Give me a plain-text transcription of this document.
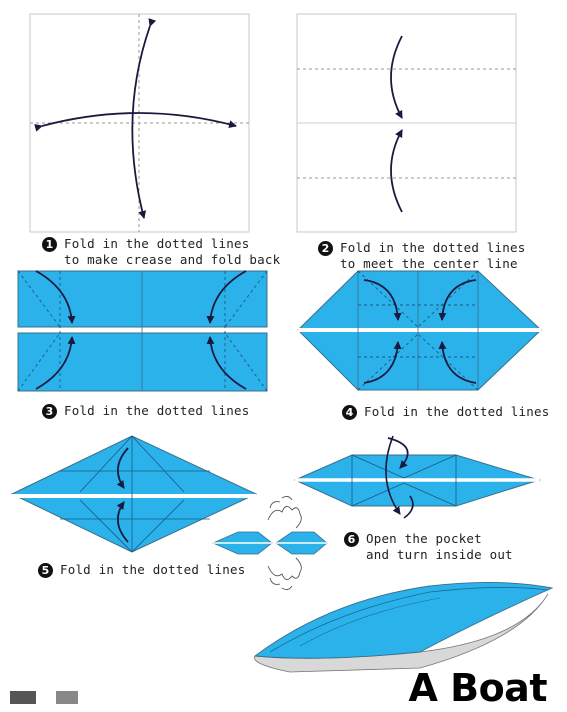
1 Fold in the dotted lines
to make crease and fold back
2 Fold in the dotted lines
to meet the center line
3 Fold in the dotted lines	4 Fold in the dotted lines
5 Fold in the dotted lines
6 Open the pocket
and turn inside out
A Boat
